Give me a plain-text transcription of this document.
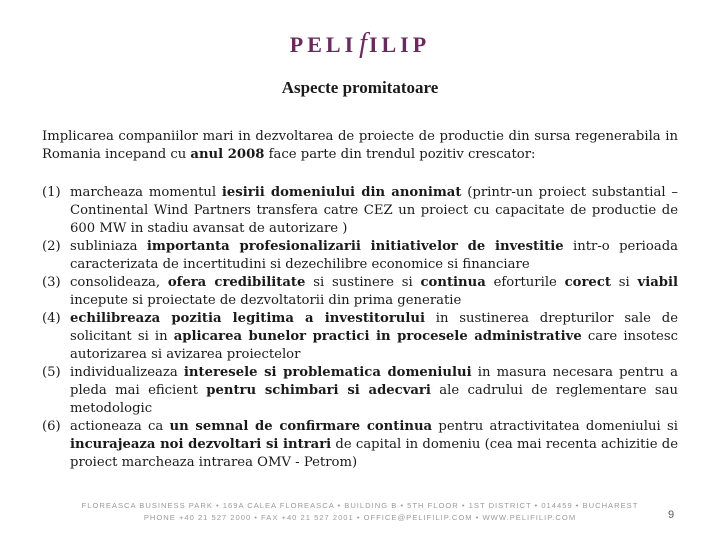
PELIfILIP
Aspecte promitatoare
Implicarea companiilor mari in dezvoltarea de proiecte de productie din sursa regenerabila in Romania incepand cu anul 2008 face parte din trendul pozitiv crescator:
(1) marcheaza momentul iesirii domeniului din anonimat (printr-un proiect substantial – Continental Wind Partners transfera catre CEZ un proiect cu capacitate de productie de 600 MW in stadiu avansat de autorizare )
(2) subliniaza importanta profesionalizarii initiativelor de investitie intr-o perioada caracterizata de incertitudini si dezechilibre economice si financiare
(3) consolideaza, ofera credibilitate si sustinere si continua eforturile corect si viabil incepute si proiectate de dezvoltatorii din prima generatie
(4) echilibreaza pozitia legitima a investitorului in sustinerea drepturilor sale de solicitant si in aplicarea bunelor practici in procesele administrative care insotesc autorizarea si avizarea proiectelor
(5) individualizeaza interesele si problematica domeniului in masura necesara pentru a pleda mai eficient pentru schimbari si adecvari ale cadrului de reglementare sau metodologic
(6) actioneaza ca un semnal de confirmare continua pentru atractivitatea domeniului si incurajeaza noi dezvoltari si intrari de capital in domeniu (cea mai recenta achizitie de proiect marcheaza intrarea OMV - Petrom)
FLOREASCA BUSINESS PARK • 169A CALEA FLOREASCA • BUILDING B • 5TH FLOOR • 1ST DISTRICT • 014459 • BUCHAREST
PHONE +40 21 527 2000 • FAX +40 21 527 2001 • OFFICE@PELIFILIP.COM • WWW.PELIFILIP.COM	9
